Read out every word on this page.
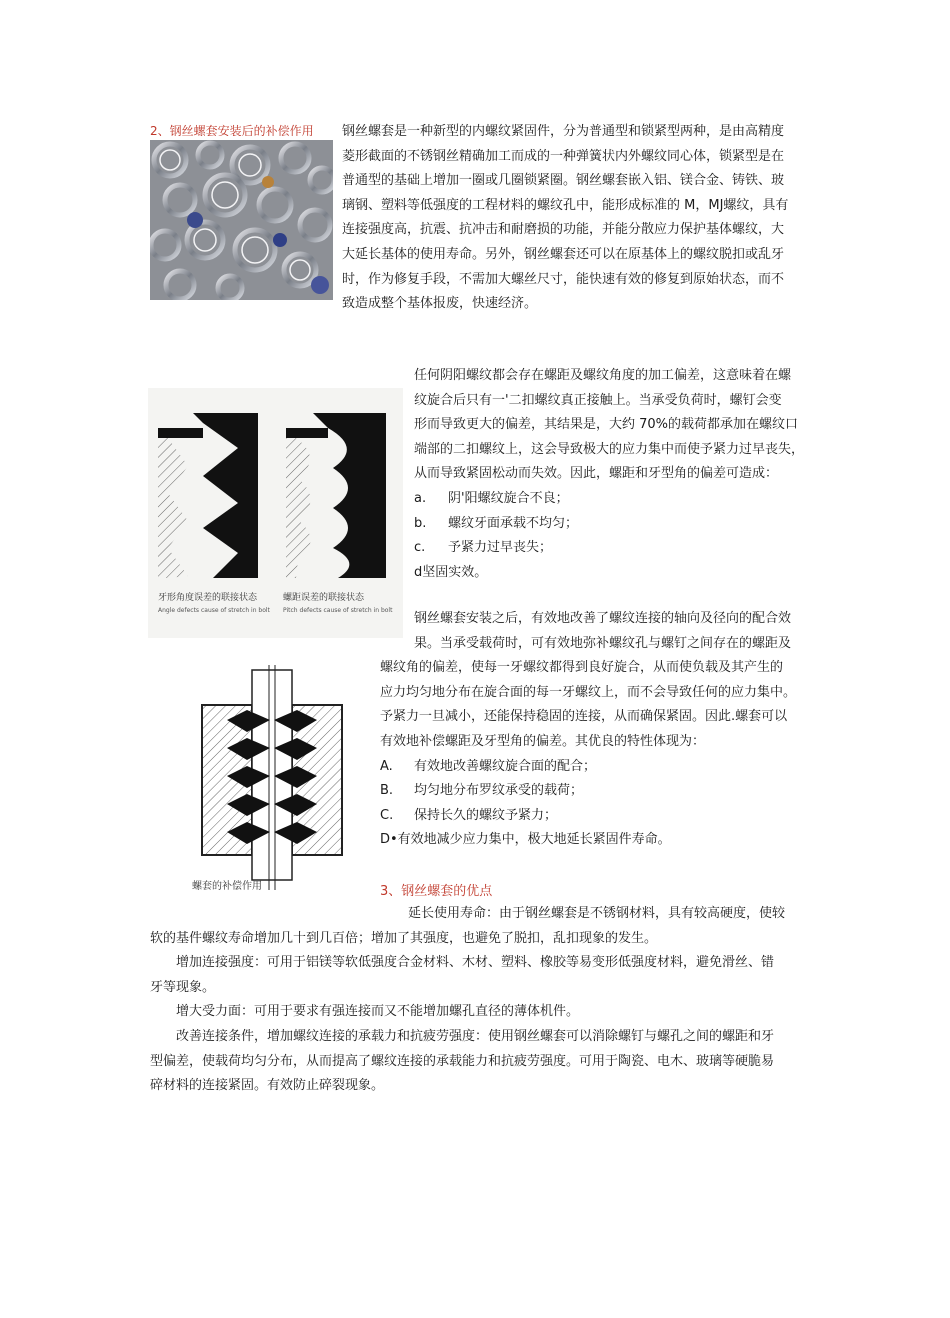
2、钢丝螺套安装后的补偿作用	钢丝螺套是一种新型的内螺纹紧固件，分为普通型和锁紧型两种，是由高精度
菱形截面的不锈钢丝精确加工而成的一种弹簧状内外螺纹同心体，锁紧型是在
普通型的基础上增加一圈或几圈锁紧圈。钢丝螺套嵌入铝、镁合金、铸铁、玻
璃钢、塑料等低强度的工程材料的螺纹孔中，能形成标准的 M，MJ螺纹，具有
连接强度高，抗震、抗冲击和耐磨损的功能，并能分散应力保护基体螺纹，大
大延长基体的使用寿命。另外，钢丝螺套还可以在原基体上的螺纹脱扣或乱牙
时，作为修复手段，不需加大螺丝尺寸，能快速有效的修复到原始状态，而不
致造成整个基体报废，快速经济。
牙形角度误差的联接状态
Angle defects cause of stretch in bolt
螺距误差的联接状态
Pitch defects cause of stretch in bolt
任何阴阳螺纹都会存在螺距及螺纹角度的加工偏差，这意味着在螺
纹旋合后只有一'二扣螺纹真正接触上。当承受负荷时，螺钉会变
形而导致更大的偏差，其结果是，大约 70%的载荷都承加在螺纹口
端部的二扣螺纹上，这会导致极大的应力集中而使予紧力过早丧失，
从而导致紧固松动而失效。因此，螺距和牙型角的偏差可造成：
a. 阴'阳螺纹旋合不良；
b. 螺纹牙面承载不均匀；
c. 予紧力过早丧失；
d坚固实效。
螺套的补偿作用
钢丝螺套安装之后，有效地改善了螺纹连接的轴向及径向的配合效
果。当承受载荷时，可有效地弥补螺纹孔与螺钉之间存在的螺距及
螺纹角的偏差，使每一牙螺纹都得到良好旋合，从而使负载及其产生的
应力均匀地分布在旋合面的每一牙螺纹上，而不会导致任何的应力集中。
予紧力一旦减小，还能保持稳固的连接，从而确保紧固。因此.螺套可以
有效地补偿螺距及牙型角的偏差。其优良的特性体现为：
A. 有效地改善螺纹旋合面的配合；
B. 均匀地分布罗纹承受的载荷；
C. 保持长久的螺纹予紧力；
D•有效地减少应力集中，极大地延长紧固件寿命。
3、钢丝螺套的优点
延长使用寿命：由于钢丝螺套是不锈钢材料，具有较高硬度，使较
软的基件螺纹寿命增加几十到几百倍；增加了其强度，也避免了脱扣，乱扣现象的发生。
增加连接强度：可用于铝镁等软低强度合金材料、木材、塑料、橡胶等易变形低强度材料，避免滑丝、错
牙等现象。
增大受力面：可用于要求有强连接而又不能增加螺孔直径的薄体机件。
改善连接条件，增加螺纹连接的承载力和抗疲劳强度：使用钢丝螺套可以消除螺钉与螺孔之间的螺距和牙
型偏差，使载荷均匀分布，从而提高了螺纹连接的承载能力和抗疲劳强度。可用于陶瓷、电木、玻璃等硬脆易
碎材料的连接紧固。有效防止碎裂现象。
